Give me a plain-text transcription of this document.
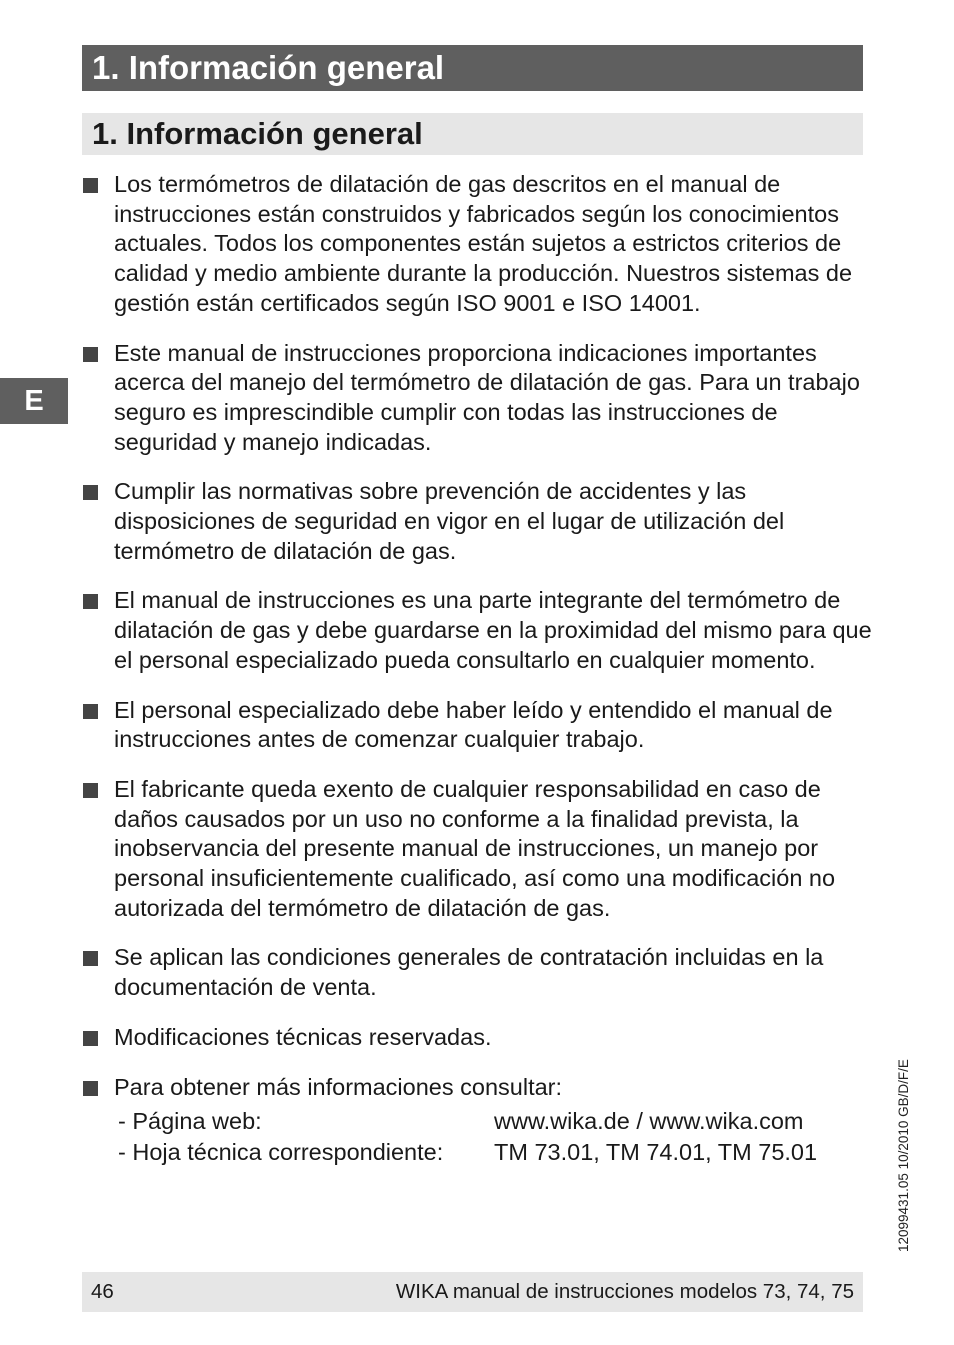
1. Información general
1. Información general
E
Los termómetros de dilatación de gas descritos en el manual de instrucciones están construidos y fabricados según los conocimientos actuales. Todos los componentes están sujetos a estrictos criterios de calidad y medio ambiente durante la producción. Nuestros sistemas de gestión están certificados según ISO 9001 e ISO 14001.
Este manual de instrucciones proporciona indicaciones importantes acerca del manejo del termómetro de dilatación de gas. Para un trabajo seguro es imprescindible cumplir con todas las instrucciones de seguridad y manejo indicadas.
Cumplir las normativas sobre prevención de accidentes y las disposiciones de seguridad en vigor en el lugar de utilización del termómetro de dilatación de gas.
El manual de instrucciones es una parte integrante del termómetro de dilatación de gas y debe guardarse en la proximidad del mismo para que el personal especializado pueda consultarlo en cualquier momento.
El personal especializado debe haber leído y entendido el manual de instrucciones antes de comenzar cualquier trabajo.
El fabricante queda exento de cualquier responsabilidad en caso de daños causados por un uso no conforme a la finalidad prevista, la inobservancia del presente manual de instrucciones, un manejo por personal insuficientemente cualificado, así como una modificación no autorizada del termómetro de dilatación de gas.
Se aplican las condiciones generales de contratación incluidas en la documentación de venta.
Modificaciones técnicas reservadas.
Para obtener más informaciones consultar:
- Página web:	www.wika.de / www.wika.com
- Hoja técnica correspondiente:	TM 73.01, TM 74.01, TM 75.01	12099431.05 10/2010 GB/D/F/E
46	WIKA manual de instrucciones modelos 73, 74, 75
